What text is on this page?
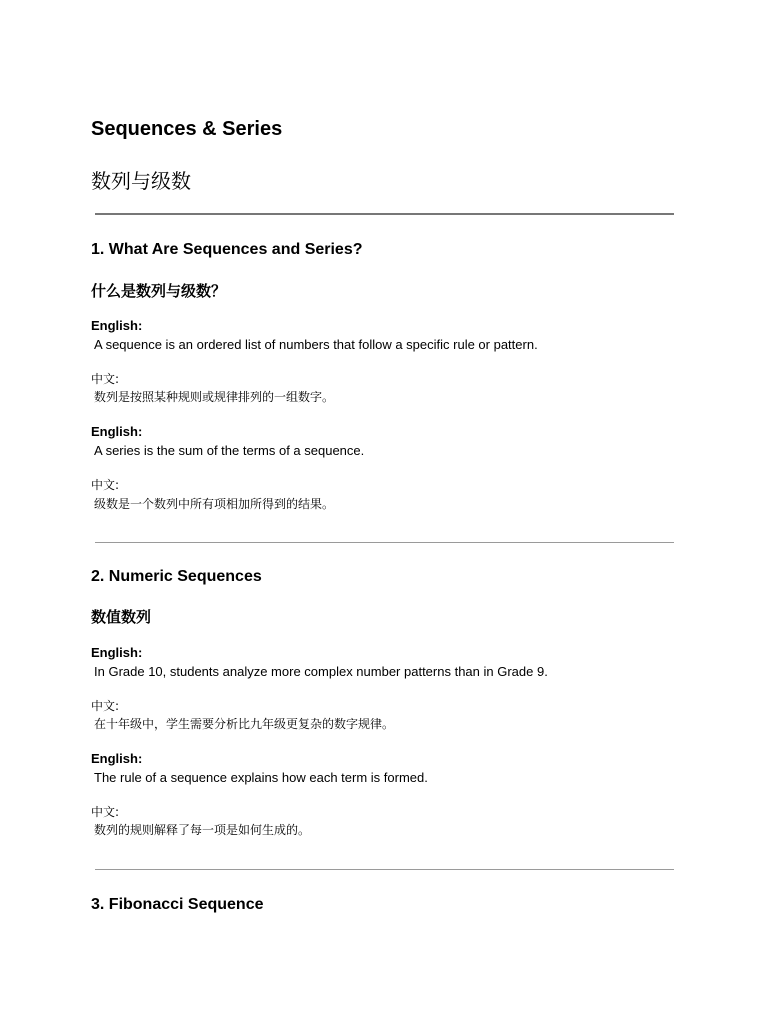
Sequences & Series
数列与级数
1. What Are Sequences and Series?
什么是数列与级数？
English:
A sequence is an ordered list of numbers that follow a specific rule or pattern.
中文:
数列是按照某种规则或规律排列的一组数字。
English:
A series is the sum of the terms of a sequence.
中文:
级数是一个数列中所有项相加所得到的结果。
2. Numeric Sequences
数值数列
English:
In Grade 10, students analyze more complex number patterns than in Grade 9.
中文:
在十年级中，学生需要分析比九年级更复杂的数字规律。
English:
The rule of a sequence explains how each term is formed.
中文:
数列的规则解释了每一项是如何生成的。
3. Fibonacci Sequence
